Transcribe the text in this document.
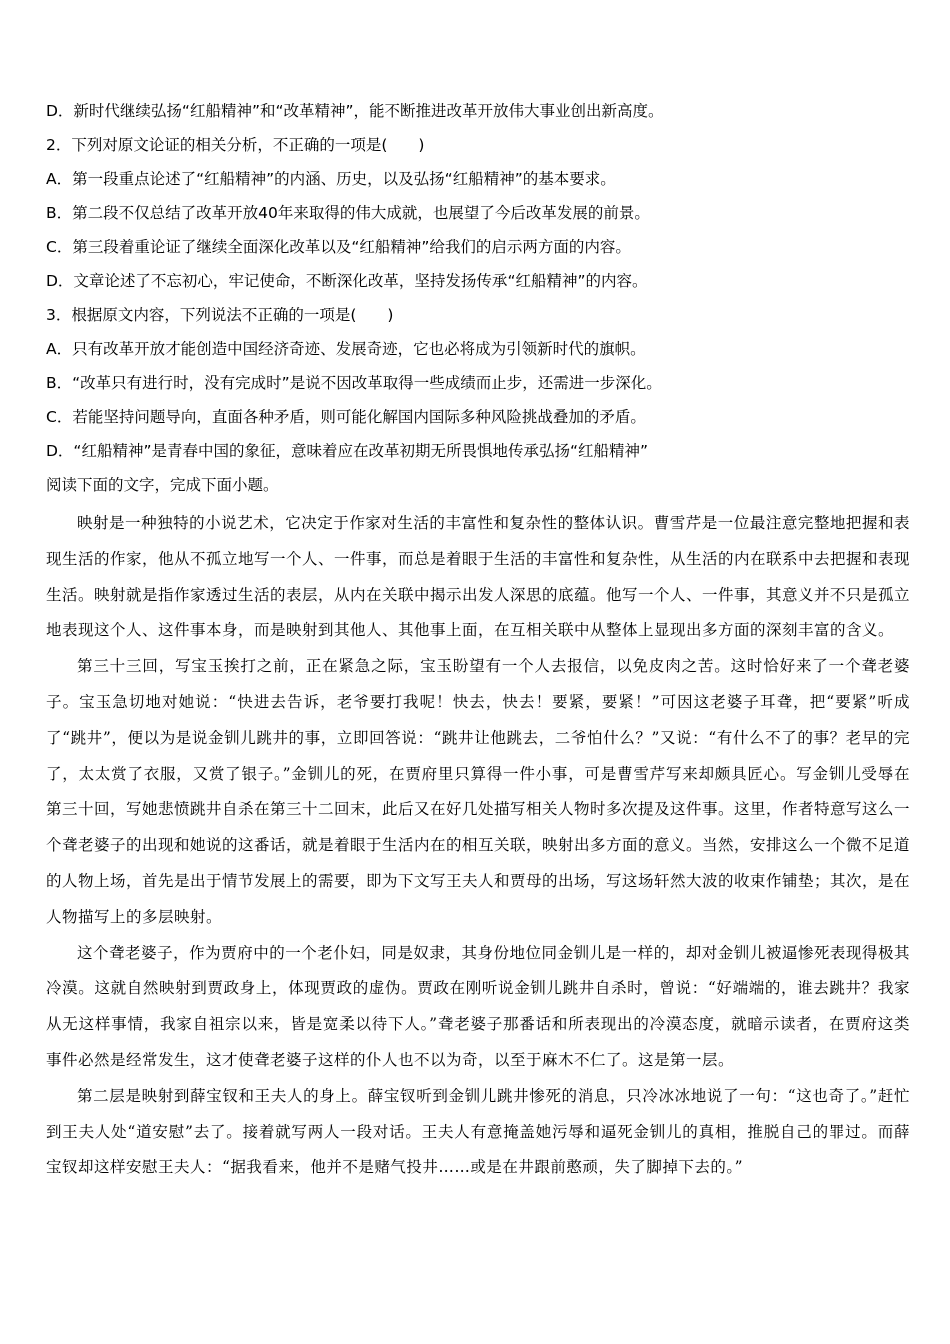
D．新时代继续弘扬“红船精神”和“改革精神”，能不断推进改革开放伟大事业创出新高度。
2．下列对原文论证的相关分析，不正确的一项是(　　)
A．第一段重点论述了“红船精神”的内涵、历史，以及弘扬“红船精神”的基本要求。
B．第二段不仅总结了改革开放40年来取得的伟大成就，也展望了今后改革发展的前景。
C．第三段着重论证了继续全面深化改革以及“红船精神”给我们的启示两方面的内容。
D．文章论述了不忘初心，牢记使命，不断深化改革，坚持发扬传承“红船精神”的内容。
3．根据原文内容，下列说法不正确的一项是(　　)
A．只有改革开放才能创造中国经济奇迹、发展奇迹，它也必将成为引领新时代的旗帜。
B．“改革只有进行时，没有完成时”是说不因改革取得一些成绩而止步，还需进一步深化。
C．若能坚持问题导向，直面各种矛盾，则可能化解国内国际多种风险挑战叠加的矛盾。
D．“红船精神”是青春中国的象征，意味着应在改革初期无所畏惧地传承弘扬“红船精神”
阅读下面的文字，完成下面小题。

映射是一种独特的小说艺术，它决定于作家对生活的丰富性和复杂性的整体认识。曹雪芹是一位最注意完整地把握和表现生活的作家，他从不孤立地写一个人、一件事，而总是着眼于生活的丰富性和复杂性，从生活的内在联系中去把握和表现生活。映射就是指作家透过生活的表层，从内在关联中揭示出发人深思的底蕴。他写一个人、一件事，其意义并不只是孤立地表现这个人、这件事本身，而是映射到其他人、其他事上面，在互相关联中从整体上显现出多方面的深刻丰富的含义。

第三十三回，写宝玉挨打之前，正在紧急之际，宝玉盼望有一个人去报信，以免皮肉之苦。这时恰好来了一个聋老婆子。宝玉急切地对她说：“快进去告诉，老爷要打我呢！快去，快去！要紧，要紧！”可因这老婆子耳聋，把“要紧”听成了“跳井”，便以为是说金钏儿跳井的事，立即回答说：“跳井让他跳去，二爷怕什么？”又说：“有什么不了的事？老早的完了，太太赏了衣服，又赏了银子。”金钏儿的死，在贾府里只算得一件小事，可是曹雪芹写来却颇具匠心。写金钏儿受辱在第三十回，写她悲愤跳井自杀在第三十二回末，此后又在好几处描写相关人物时多次提及这件事。这里，作者特意写这么一个聋老婆子的出现和她说的这番话，就是着眼于生活内在的相互关联，映射出多方面的意义。当然，安排这么一个微不足道的人物上场，首先是出于情节发展上的需要，即为下文写王夫人和贾母的出场，写这场轩然大波的收束作铺垫；其次，是在人物描写上的多层映射。

这个聋老婆子，作为贾府中的一个老仆妇，同是奴隶，其身份地位同金钏儿是一样的，却对金钏儿被逼惨死表现得极其冷漠。这就自然映射到贾政身上，体现贾政的虚伪。贾政在刚听说金钏儿跳井自杀时，曾说：“好端端的，谁去跳井？我家从无这样事情，我家自祖宗以来，皆是宽柔以待下人。”聋老婆子那番话和所表现出的冷漠态度，就暗示读者，在贾府这类事件必然是经常发生，这才使聋老婆子这样的仆人也不以为奇，以至于麻木不仁了。这是第一层。

第二层是映射到薛宝钗和王夫人的身上。薛宝钗听到金钏儿跳井惨死的消息，只冷冰冰地说了一句：“这也奇了。”赶忙到王夫人处“道安慰”去了。接着就写两人一段对话。王夫人有意掩盖她污辱和逼死金钏儿的真相，推脱自己的罪过。而薛宝钗却这样安慰王夫人：“据我看来，他并不是赌气投井……或是在井跟前憨顽，失了脚掉下去的。”
